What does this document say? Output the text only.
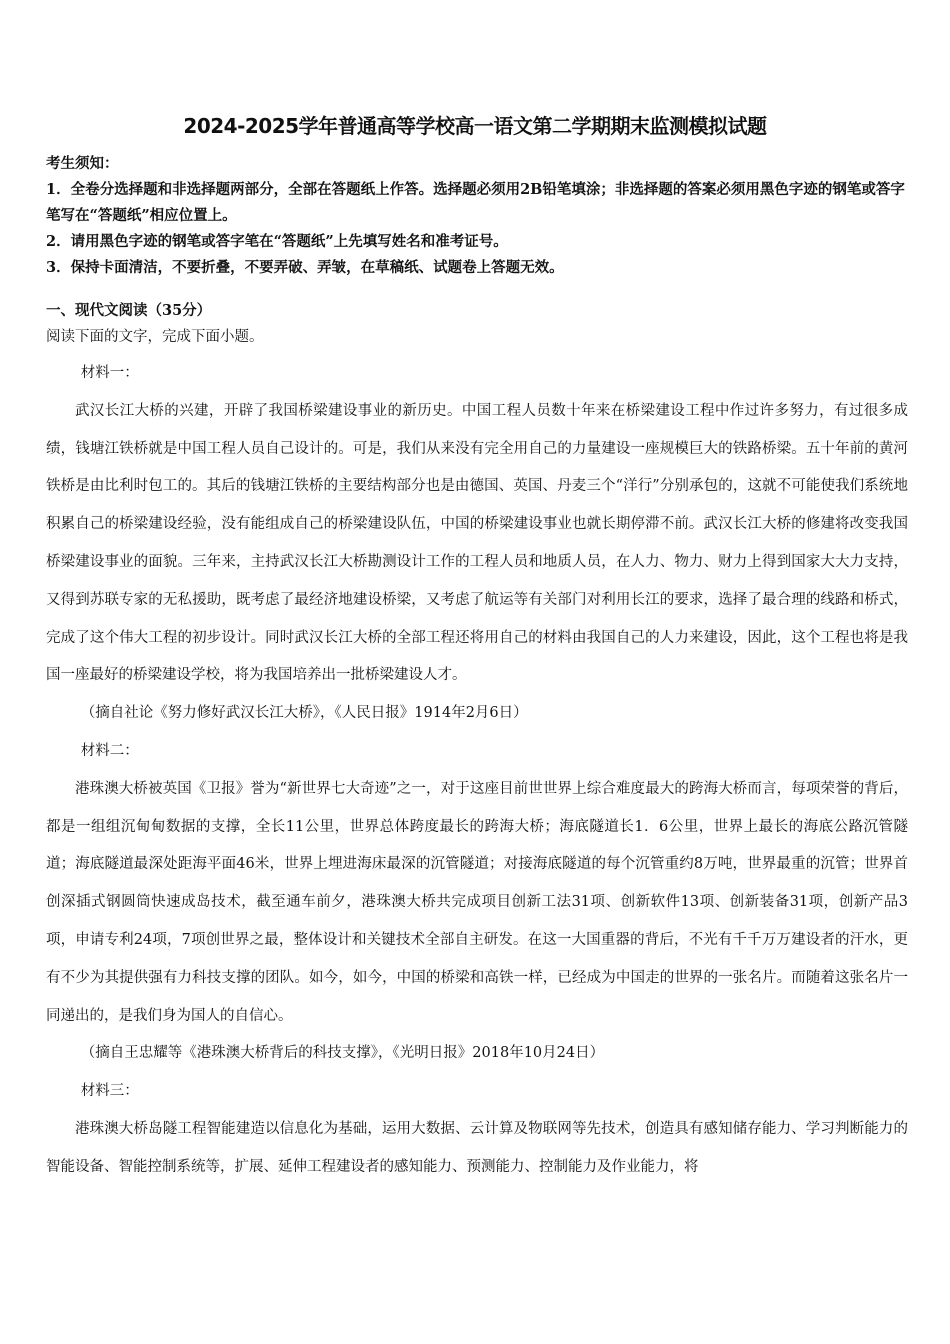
2024-2025学年普通高等学校高一语文第二学期期末监测模拟试题
考生须知：
1．全卷分选择题和非选择题两部分，全部在答题纸上作答。选择题必须用2B铅笔填涂；非选择题的答案必须用黑色字迹的钢笔或答字笔写在“答题纸”相应位置上。
2．请用黑色字迹的钢笔或答字笔在“答题纸”上先填写姓名和准考证号。
3．保持卡面清洁，不要折叠，不要弄破、弄皱，在草稿纸、试题卷上答题无效。
一、现代文阅读（35分）
阅读下面的文字，完成下面小题。

材料一：

武汉长江大桥的兴建，开辟了我国桥梁建设事业的新历史。中国工程人员数十年来在桥梁建设工程中作过许多努力，有过很多成绩，钱塘江铁桥就是中国工程人员自己设计的。可是，我们从来没有完全用自己的力量建设一座规模巨大的铁路桥梁。五十年前的黄河铁桥是由比利时包工的。其后的钱塘江铁桥的主要结构部分也是由德国、英国、丹麦三个“洋行”分别承包的，这就不可能使我们系统地积累自己的桥梁建设经验，没有能组成自己的桥梁建设队伍，中国的桥梁建设事业也就长期停滞不前。武汉长江大桥的修建将改变我国桥梁建设事业的面貌。三年来，主持武汉长江大桥勘测设计工作的工程人员和地质人员，在人力、物力、财力上得到国家大大力支持，又得到苏联专家的无私援助，既考虑了最经济地建设桥梁，又考虑了航运等有关部门对利用长江的要求，选择了最合理的线路和桥式，完成了这个伟大工程的初步设计。同时武汉长江大桥的全部工程还将用自己的材料由我国自己的人力来建设，因此，这个工程也将是我国一座最好的桥梁建设学校，将为我国培养出一批桥梁建设人才。

（摘自社论《努力修好武汉长江大桥》，《人民日报》1914年2月6日）

材料二：

港珠澳大桥被英国《卫报》誉为“新世界七大奇迹”之一，对于这座目前世世界上综合难度最大的跨海大桥而言，每项荣誉的背后，都是一组组沉甸甸数据的支撑，全长11公里，世界总体跨度最长的跨海大桥；海底隧道长1．6公里，世界上最长的海底公路沉管隧道；海底隧道最深处距海平面46米，世界上埋进海床最深的沉管隧道；对接海底隧道的每个沉管重约8万吨，世界最重的沉管；世界首创深插式钢圆筒快速成岛技术，截至通车前夕，港珠澳大桥共完成项目创新工法31项、创新软件13项、创新装备31项，创新产品3项，申请专利24项，7项创世界之最，整体设计和关键技术全部自主研发。在这一大国重器的背后，不光有千千万万建设者的汗水，更有不少为其提供强有力科技支撑的团队。如今，如今，中国的桥梁和高铁一样，已经成为中国走的世界的一张名片。而随着这张名片一同递出的，是我们身为国人的自信心。

（摘自王忠耀等《港珠澳大桥背后的科技支撑》，《光明日报》2018年10月24日）

材料三：

港珠澳大桥岛隧工程智能建造以信息化为基础，运用大数据、云计算及物联网等先技术，创造具有感知储存能力、学习判断能力的智能设备、智能控制系统等，扩展、延伸工程建设者的感知能力、预测能力、控制能力及作业能力，将
